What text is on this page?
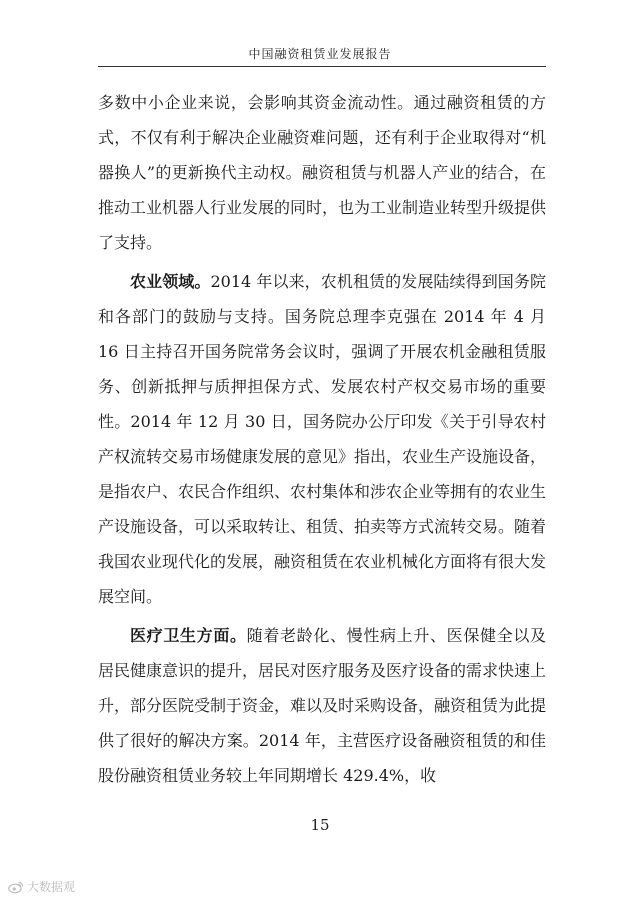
中国融资租赁业发展报告

多数中小企业来说，会影响其资金流动性。通过融资租赁的方式，不仅有利于解决企业融资难问题，还有利于企业取得对“机器换人”的更新换代主动权。融资租赁与机器人产业的结合，在推动工业机器人行业发展的同时，也为工业制造业转型升级提供了支持。

农业领域。2014 年以来，农机租赁的发展陆续得到国务院和各部门的鼓励与支持。国务院总理李克强在 2014 年 4 月 16 日主持召开国务院常务会议时，强调了开展农机金融租赁服务、创新抵押与质押担保方式、发展农村产权交易市场的重要性。2014 年 12 月 30 日，国务院办公厅印发《关于引导农村产权流转交易市场健康发展的意见》指出，农业生产设施设备，是指农户、农民合作组织、农村集体和涉农企业等拥有的农业生产设施设备，可以采取转让、租赁、拍卖等方式流转交易。随着我国农业现代化的发展，融资租赁在农业机械化方面将有很大发展空间。

医疗卫生方面。随着老龄化、慢性病上升、医保健全以及居民健康意识的提升，居民对医疗服务及医疗设备的需求快速上升，部分医院受制于资金，难以及时采购设备，融资租赁为此提供了很好的解决方案。2014 年，主营医疗设备融资租赁的和佳股份融资租赁业务较上年同期增长 429.4%，收

15
大数据观
